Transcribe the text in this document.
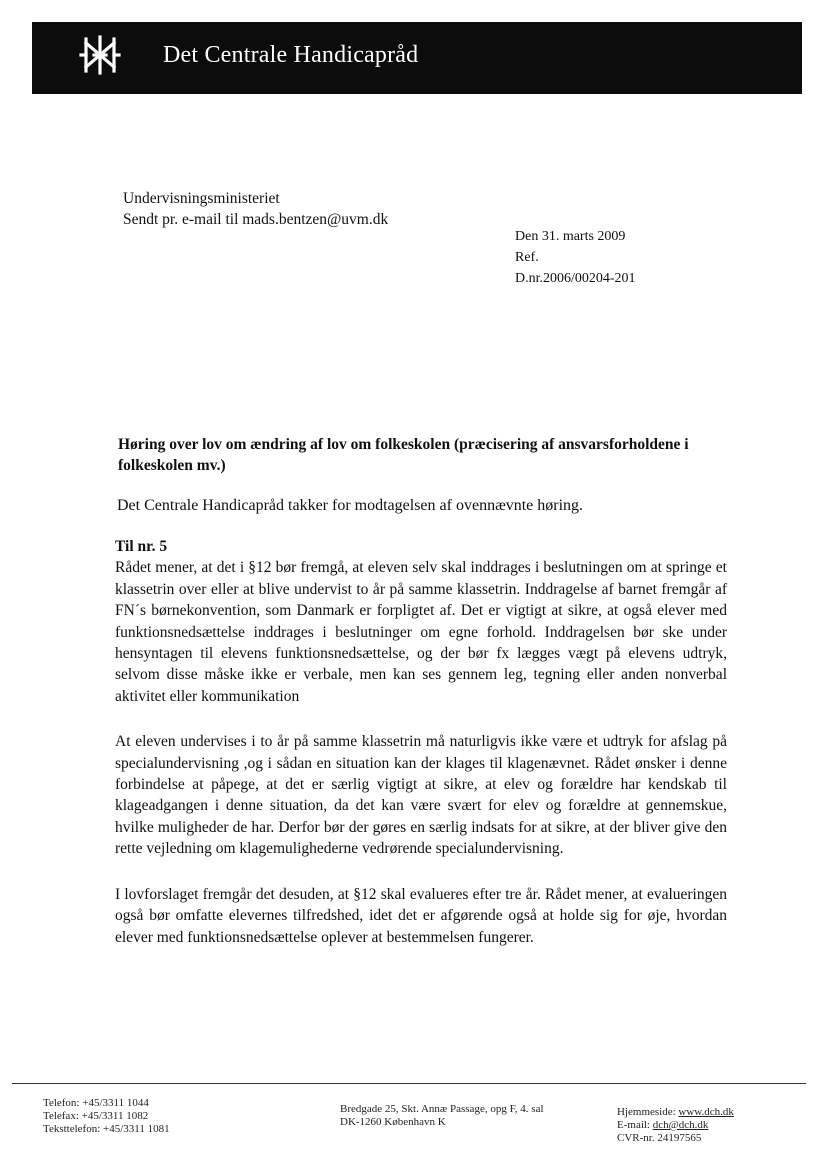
Det Centrale Handicapråd
Undervisningsministeriet
Sendt pr. e-mail til mads.bentzen@uvm.dk
Den 31. marts 2009
Ref.
D.nr.2006/00204-201

Høring over lov om ændring af lov om folkeskolen (præcisering af ansvarsforholdene i folkeskolen mv.)

Det Centrale Handicapråd takker for modtagelsen af ovennævnte høring.

Til nr. 5

Rådet mener, at det i §12 bør fremgå, at eleven selv skal inddrages i beslutningen om at springe et klassetrin over eller at blive undervist to år på samme klassetrin. Inddragelse af barnet fremgår af FN´s børnekonvention, som Danmark er forpligtet af. Det er vigtigt at sikre, at også elever med funktionsnedsættelse inddrages i beslutninger om egne forhold. Inddragelsen bør ske under hensyntagen til elevens funktionsnedsættelse, og der bør fx lægges vægt på elevens udtryk, selvom disse måske ikke er verbale, men kan ses gennem leg, tegning eller anden nonverbal aktivitet eller kommunikation

At eleven undervises i to år på samme klassetrin må naturligvis ikke være et udtryk for afslag på specialundervisning ,og i sådan en situation kan der klages til klagenævnet. Rådet ønsker i denne forbindelse at påpege, at det er særlig vigtigt at sikre, at elev og forældre har kendskab til klageadgangen i denne situation, da det kan være svært for elev og forældre at gennemskue, hvilke muligheder de har. Derfor bør der gøres en særlig indsats for at sikre, at der bliver give den rette vejledning om klagemulighederne vedrørende specialundervisning.

I lovforslaget fremgår det desuden, at §12 skal evalueres efter tre år. Rådet mener, at evalueringen også bør omfatte elevernes tilfredshed, idet det er afgørende også at holde sig for øje, hvordan elever med funktionsnedsættelse oplever at bestemmelsen fungerer.

Telefon: +45/3311 1044
Telefax: +45/3311 1082
Teksttelefon: +45/3311 1081
Bredgade 25, Skt. Annæ Passage, opg F, 4. sal
DK-1260 København K
Hjemmeside: www.dch.dk
E-mail: dch@dch.dk
CVR-nr. 24197565
